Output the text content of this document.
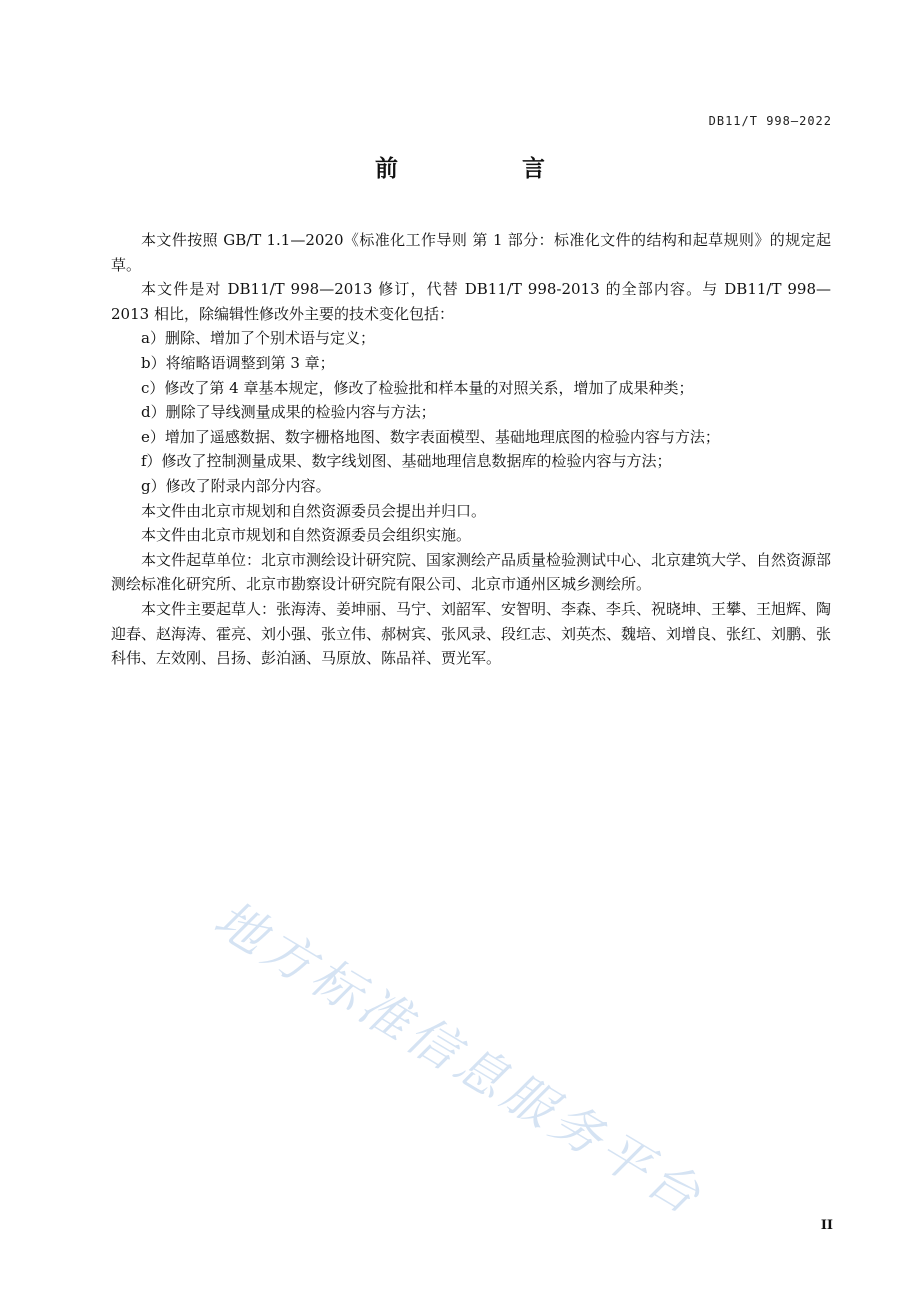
DB11/T 998—2022
前 言

本文件按照 GB/T 1.1—2020《标准化工作导则 第 1 部分：标准化文件的结构和起草规则》的规定起草。

本文件是对 DB11/T 998—2013 修订，代替 DB11/T 998-2013 的全部内容。与 DB11/T 998—2013 相比，除编辑性修改外主要的技术变化包括：

a）删除、增加了个别术语与定义；

b）将缩略语调整到第 3 章；

c）修改了第 4 章基本规定，修改了检验批和样本量的对照关系，增加了成果种类；

d）删除了导线测量成果的检验内容与方法；

e）增加了遥感数据、数字栅格地图、数字表面模型、基础地理底图的检验内容与方法；

f）修改了控制测量成果、数字线划图、基础地理信息数据库的检验内容与方法；

g）修改了附录内部分内容。

本文件由北京市规划和自然资源委员会提出并归口。

本文件由北京市规划和自然资源委员会组织实施。

本文件起草单位：北京市测绘设计研究院、国家测绘产品质量检验测试中心、北京建筑大学、自然资源部测绘标准化研究所、北京市勘察设计研究院有限公司、北京市通州区城乡测绘所。

本文件主要起草人：张海涛、姜坤丽、马宁、刘韶军、安智明、李森、李兵、祝晓坤、王攀、王旭辉、陶迎春、赵海涛、霍亮、刘小强、张立伟、郝树宾、张风录、段红志、刘英杰、魏培、刘增良、张红、刘鹏、张科伟、左效刚、吕扬、彭泊涵、马原放、陈品祥、贾光军。

地方标准信息服务平台	II
